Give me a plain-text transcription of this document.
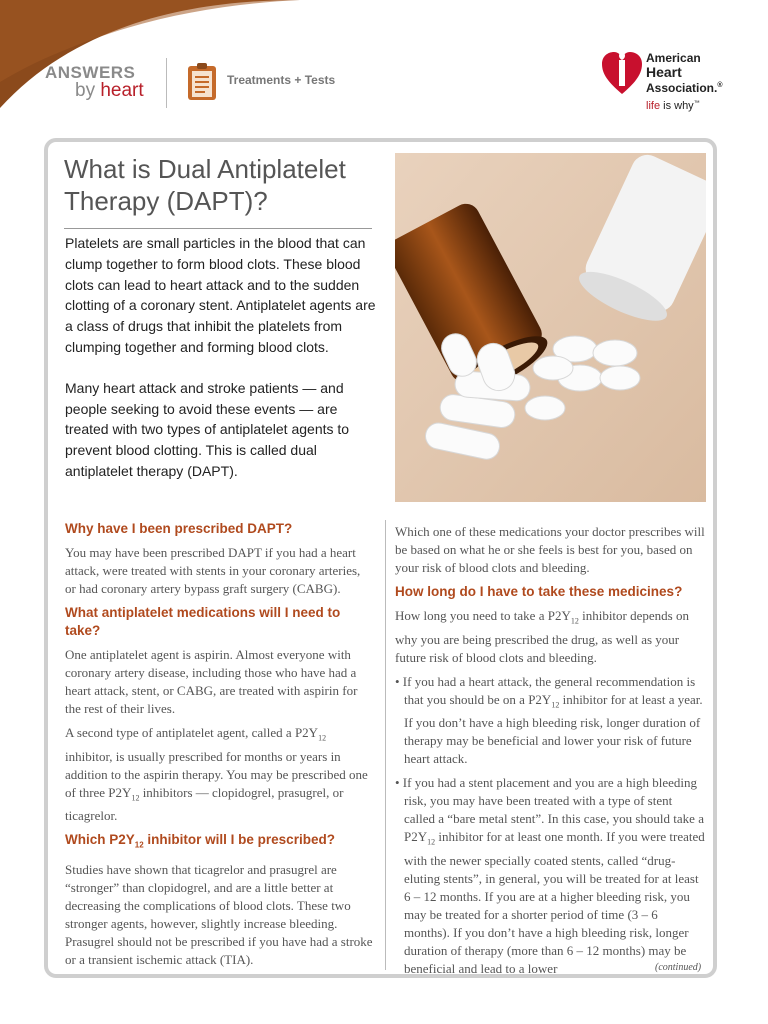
ANSWERS
by heart	Treatments + Tests
American
Heart
Association.®
life is why™
What is Dual Antiplatelet Therapy (DAPT)?

Platelets are small particles in the blood that can clump together to form blood clots. These blood clots can lead to heart attack and to the sudden clotting of a coronary stent. Antiplatelet agents are a class of drugs that inhibit the platelets from clumping together and forming blood clots.

Many heart attack and stroke patients — and people seeking to avoid these events — are treated with two types of antiplatelet agents to prevent blood clotting. This is called dual antiplatelet therapy (DAPT).

Why have I been prescribed DAPT?

You may have been prescribed DAPT if you had a heart attack, were treated with stents in your coronary arteries, or had coronary artery bypass graft surgery (CABG).

What antiplatelet medications will I need to take?

One antiplatelet agent is aspirin. Almost everyone with coronary artery disease, including those who have had a heart attack, stent, or CABG, are treated with aspirin for the rest of their lives.

A second type of antiplatelet agent, called a $P2Y_{12}$ inhibitor, is usually prescribed for months or years in addition to the aspirin therapy. You may be prescribed one of three $P2Y_{12}$ inhibitors — clopidogrel, prasugrel, or ticagrelor.

Which $P2Y_{12}$ inhibitor will I be prescribed?

Studies have shown that ticagrelor and prasugrel are “stronger” than clopidogrel, and are a little better at decreasing the complications of blood clots. These two stronger agents, however, slightly increase bleeding. Prasugrel should not be prescribed if you have had a stroke or a transient ischemic attack (TIA).

Which one of these medications your doctor prescribes will be based on what he or she feels is best for you, based on your risk of blood clots and bleeding.

How long do I have to take these medicines?

How long you need to take a $P2Y_{12}$ inhibitor depends on why you are being prescribed the drug, as well as your future risk of blood clots and bleeding.

• If you had a heart attack, the general recommendation is that you should be on a $P2Y_{12}$ inhibitor for at least a year. If you don’t have a high bleeding risk, longer duration of therapy may be beneficial and lower your risk of future heart attack.
• If you had a stent placement and you are a high bleeding risk, you may have been treated with a type of stent called a “bare metal stent”. In this case, you should take a $P2Y_{12}$ inhibitor for at least one month. If you were treated with the newer specially coated stents, called “drug-eluting stents”, in general, you will be treated for at least 6 – 12 months. If you are at a higher bleeding risk, you may be treated for a shorter period of time (3 – 6 months). If you don’t have a high bleeding risk, longer duration of therapy (more than 6 – 12 months) may be beneficial and lead to a lower	(continued)
